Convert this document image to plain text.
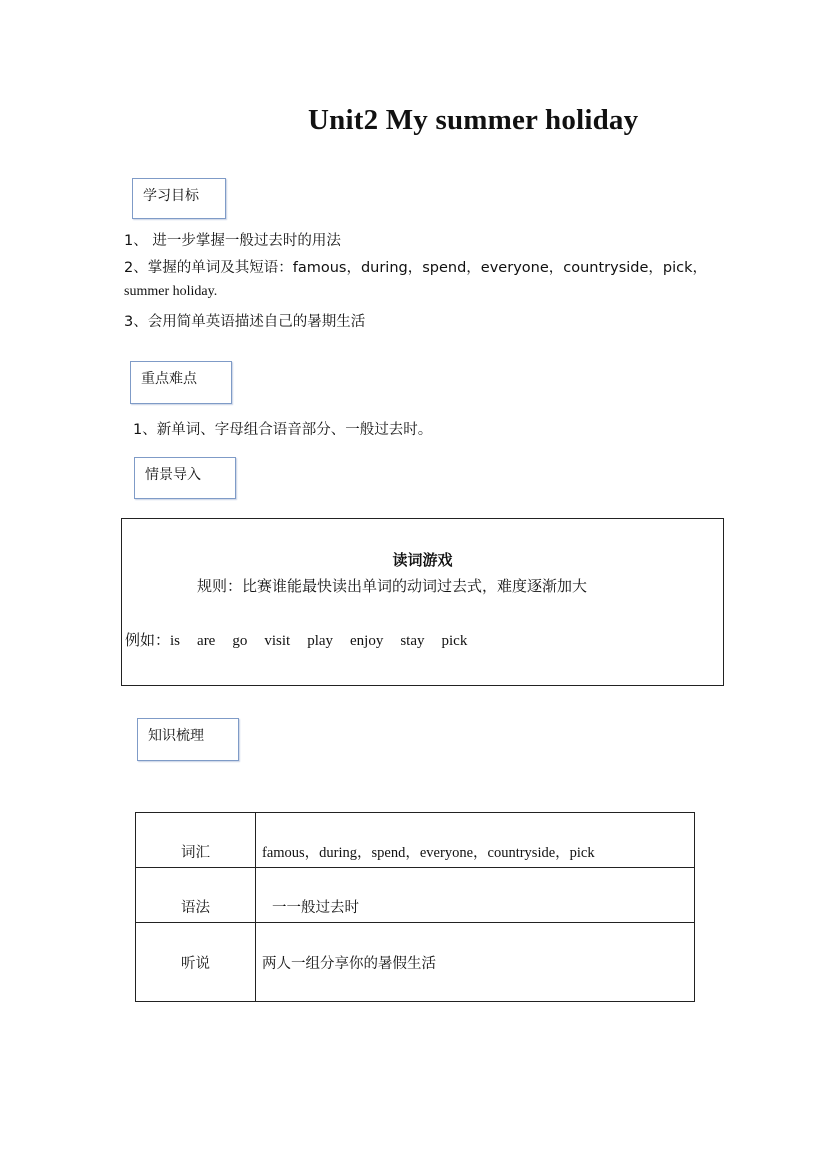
Unit2 My summer holiday
学习目标
1、 进一步掌握一般过去时的用法
2、掌握的单词及其短语：famous，during，spend，everyone，countryside，pick，
summer holiday.
3、会用简单英语描述自己的暑期生活
重点难点
1、新单词、字母组合语音部分、一般过去时。
情景导入
读词游戏
规则：比赛谁能最快读出单词的动词过去式，难度逐渐加大
例如：is are go visit play enjoy stay pick
知识梳理
词汇	famous，during，spend，everyone，countryside，pick
语法	一一般过去时
听说	两人一组分享你的暑假生活
